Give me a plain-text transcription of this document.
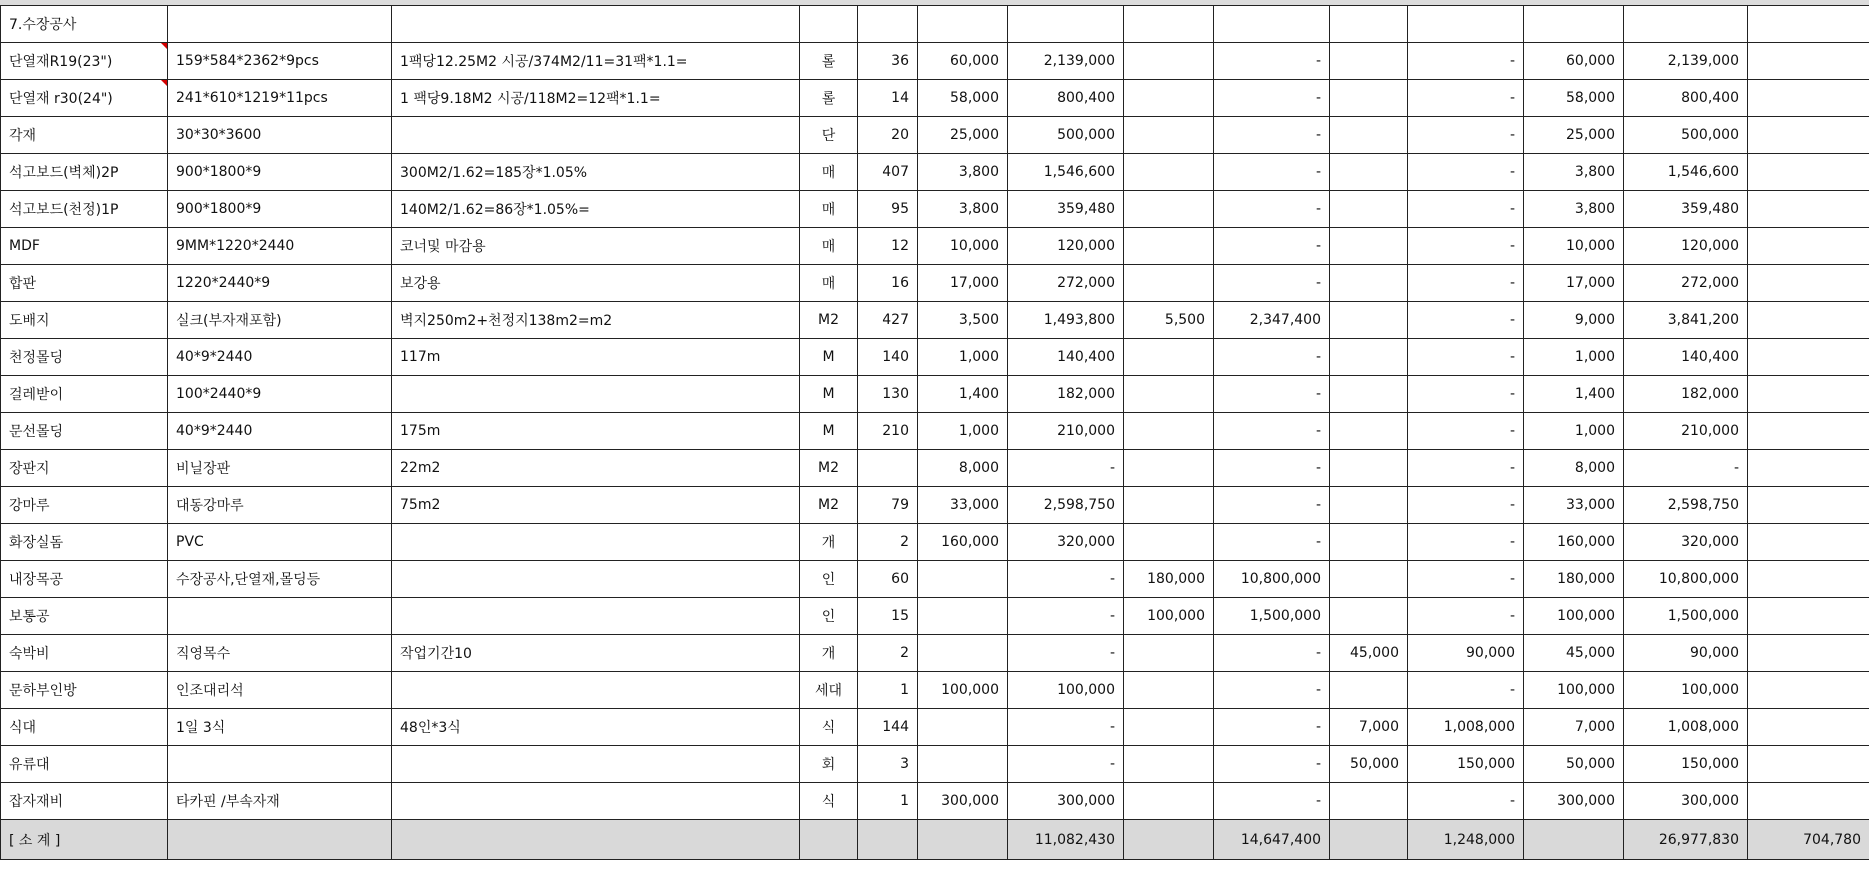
7.수장공사													
단열재R19(23")	159*584*2362*9pcs	1팩당12.25M2 시공/374M2/11=31팩*1.1=	롤	36	60,000	2,139,000		-		-	60,000	2,139,000	
단열재 r30(24")	241*610*1219*11pcs	1 팩당9.18M2 시공/118M2=12팩*1.1=	롤	14	58,000	800,400		-		-	58,000	800,400	
각재	30*30*3600		단	20	25,000	500,000		-		-	25,000	500,000	
석고보드(벽체)2P	900*1800*9	300M2/1.62=185장*1.05%	매	407	3,800	1,546,600		-		-	3,800	1,546,600	
석고보드(천정)1P	900*1800*9	140M2/1.62=86장*1.05%=	매	95	3,800	359,480		-		-	3,800	359,480	
MDF	9MM*1220*2440	코너및 마감용	매	12	10,000	120,000		-		-	10,000	120,000	
합판	1220*2440*9	보강용	매	16	17,000	272,000		-		-	17,000	272,000	
도배지	실크(부자재포함)	벽지250m2+천정지138m2=m2	M2	427	3,500	1,493,800	5,500	2,347,400		-	9,000	3,841,200	
천정몰딩	40*9*2440	117m	M	140	1,000	140,400		-		-	1,000	140,400	
걸레받이	100*2440*9		M	130	1,400	182,000		-		-	1,400	182,000	
문선몰딩	40*9*2440	175m	M	210	1,000	210,000		-		-	1,000	210,000	
장판지	비닐장판	22m2	M2		8,000	-		-		-	8,000	-	
강마루	대동강마루	75m2	M2	79	33,000	2,598,750		-		-	33,000	2,598,750	
화장실돔	PVC		개	2	160,000	320,000		-		-	160,000	320,000	
내장목공	수장공사,단열재,몰딩등		인	60		-	180,000	10,800,000		-	180,000	10,800,000	
보통공			인	15		-	100,000	1,500,000		-	100,000	1,500,000	
숙박비	직영목수	작업기간10	개	2		-		-	45,000	90,000	45,000	90,000	
문하부인방	인조대리석		세대	1	100,000	100,000		-		-	100,000	100,000	
식대	1일 3식	48인*3식	식	144		-		-	7,000	1,008,000	7,000	1,008,000	
유류대			회	3		-		-	50,000	150,000	50,000	150,000	
잡자재비	타카핀 /부속자재		식	1	300,000	300,000		-		-	300,000	300,000	
[ 소 계 ]						11,082,430		14,647,400		1,248,000		26,977,830	704,780
